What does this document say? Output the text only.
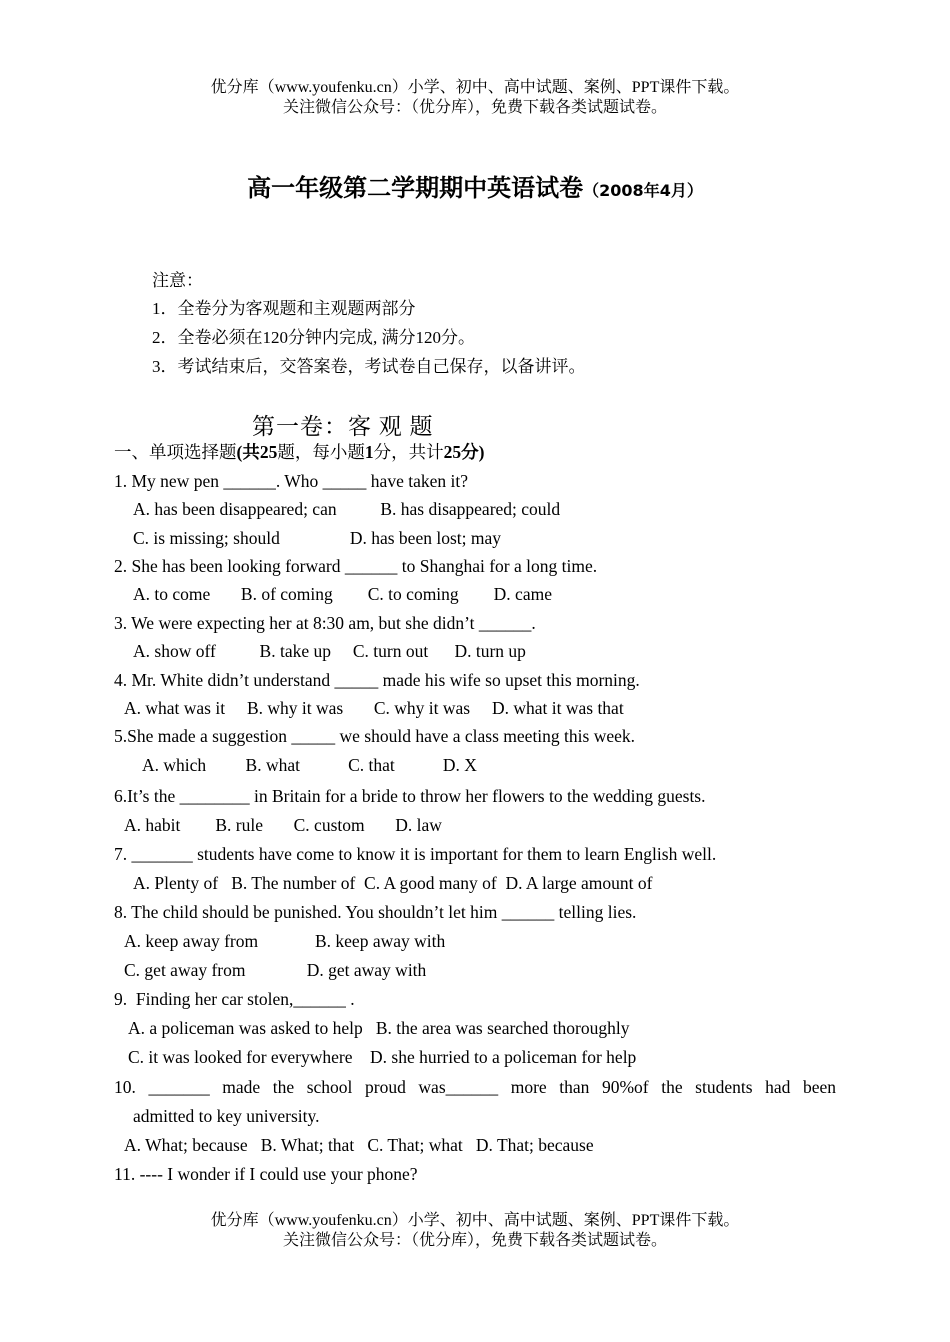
优分库（www.youfenku.cn）小学、初中、高中试题、案例、PPT课件下载。
关注微信公众号：（优分库），免费下载各类试题试卷。
高一年级第二学期期中英语试卷（2008年4月）
注意：
1．全卷分为客观题和主观题两部分
2．全卷必须在120分钟内完成, 满分120分。
3．考试结束后，交答案卷，考试卷自己保存，以备讲评。
第一卷：客 观 题
一、单项选择题(共25题，每小题1分，共计25分)
1. My new pen ______. Who _____ have taken it?
A. has been disappeared; can          B. has disappeared; could
C. is missing; should                D. has been lost; may
2. She has been looking forward ______ to Shanghai for a long time.
A. to come       B. of coming        C. to coming        D. came
3. We were expecting her at 8:30 am, but she didn’t ______.
A. show off          B. take up     C. turn out      D. turn up
4. Mr. White didn’t understand _____ made his wife so upset this morning.
A. what was it     B. why it was       C. why it was     D. what it was that
5.She made a suggestion _____ we should have a class meeting this week.
A. which         B. what           C. that           D. X
6.It’s the ________ in Britain for a bride to throw her flowers to the wedding guests.
A. habit        B. rule       C. custom       D. law
7. _______ students have come to know it is important for them to learn English well.
A. Plenty of   B. The number of  C. A good many of  D. A large amount of
8. The child should be punished. You shouldn’t let him ______ telling lies.
A. keep away from             B. keep away with
C. get away from              D. get away with
9.  Finding her car stolen,______ .
A. a policeman was asked to help   B. the area was searched thoroughly
C. it was looked for everywhere    D. she hurried to a policeman for help
10. _______ made the school proud was______ more than 90%of the students had been
admitted to key university.
A. What; because   B. What; that   C. That; what   D. That; because
11. ---- I wonder if I could use your phone?
优分库（www.youfenku.cn）小学、初中、高中试题、案例、PPT课件下载。
关注微信公众号：（优分库），免费下载各类试题试卷。
